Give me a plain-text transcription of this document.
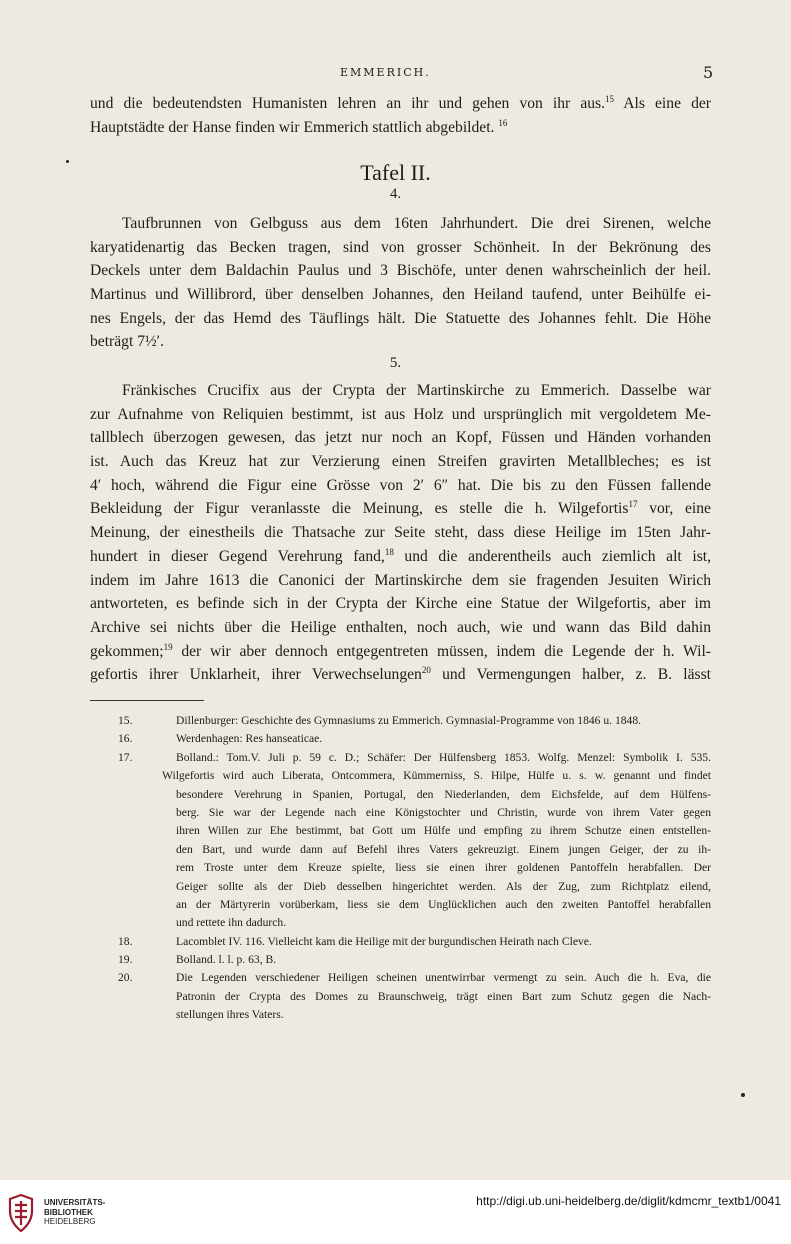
EMMERICH.	5
und die bedeutendsten Humanisten lehren an ihr und gehen von ihr aus.$^{15}$ Als eine der
Hauptstädte der Hanse finden wir Emmerich stattlich abgebildet. $^{16}$
Tafel II.
4.
Taufbrunnen von Gelbguss aus dem 16ten Jahrhundert. Die drei Sirenen, welche
karyatidenartig das Becken tragen, sind von grosser Schönheit. In der Bekrönung des
Deckels unter dem Baldachin Paulus und 3 Bischöfe, unter denen wahrscheinlich der heil.
Martinus und Willibrord, über denselben Johannes, den Heiland taufend, unter Beihülfe ei-
nes Engels, der das Hemd des Täuflings hält. Die Statuette des Johannes fehlt. Die Höhe
beträgt 7½′.
5.
Fränkisches Crucifix aus der Crypta der Martinskirche zu Emmerich. Dasselbe war
zur Aufnahme von Reliquien bestimmt, ist aus Holz und ursprünglich mit vergoldetem Me-
tallblech überzogen gewesen, das jetzt nur noch an Kopf, Füssen und Händen vorhanden
ist. Auch das Kreuz hat zur Verzierung einen Streifen gravirten Metallbleches; es ist
4′ hoch, während die Figur eine Grösse von 2′ 6″ hat. Die bis zu den Füssen fallende
Bekleidung der Figur veranlasste die Meinung, es stelle die h. Wilgefortis$^{17}$ vor, eine
Meinung, der einestheils die Thatsache zur Seite steht, dass diese Heilige im 15ten Jahr-
hundert in dieser Gegend Verehrung fand,$^{18}$ und die anderentheils auch ziemlich alt ist,
indem im Jahre 1613 die Canonici der Martinskirche dem sie fragenden Jesuiten Wirich
antworteten, es befinde sich in der Crypta der Kirche eine Statue der Wilgefortis, aber im
Archive sei nichts über die Heilige enthalten, noch auch, wie und wann das Bild dahin
gekommen;$^{19}$ der wir aber dennoch entgegentreten müssen, indem die Legende der h. Wil-
gefortis ihrer Unklarheit, ihrer Verwechselungen$^{20}$ und Vermengungen halber, z. B. lässt
15.	Dillenburger: Geschichte des Gymnasiums zu Emmerich. Gymnasial-Programme von 1846 u. 1848.
16.	Werdenhagen: Res hanseaticae.
17.	Bolland.: Tom.V. Juli p. 59 c. D.; Schäfer: Der Hülfensberg 1853. Wolfg. Menzel: Symbolik I. 535.
Wilgefortis wird auch Liberata, Ontcommera, Kümmerniss, S. Hilpe, Hülfe u. s. w. genannt und findet
besondere Verehrung in Spanien, Portugal, den Niederlanden, dem Eichsfelde, auf dem Hülfens-
berg. Sie war der Legende nach eine Königstochter und Christin, wurde von ihrem Vater gegen
ihren Willen zur Ehe bestimmt, bat Gott um Hülfe und empfing zu ihrem Schutze einen entstellen-
den Bart, und wurde dann auf Befehl ihres Vaters gekreuzigt. Einem jungen Geiger, der zu ih-
rem Troste unter dem Kreuze spielte, liess sie einen ihrer goldenen Pantoffeln herabfallen. Der
Geiger sollte als der Dieb desselben hingerichtet werden. Als der Zug, zum Richtplatz eilend,
an der Märtyrerin vorüberkam, liess sie dem Unglücklichen auch den zweiten Pantoffel herabfallen
und rettete ihn dadurch.
18.	Lacomblet IV. 116. Vielleicht kam die Heilige mit der burgundischen Heirath nach Cleve.
19.	Bolland. l. l. p. 63, B.
20.	Die Legenden verschiedener Heiligen scheinen unentwirrbar vermengt zu sein. Auch die h. Eva, die
Patronin der Crypta des Domes zu Braunschweig, trägt einen Bart zum Schutz gegen die Nach-
stellungen ihres Vaters.
UNIVERSITÄTS-
BIBLIOTHEK
HEIDELBERG
http://digi.ub.uni-heidelberg.de/diglit/kdmcmr_textb1/0041
